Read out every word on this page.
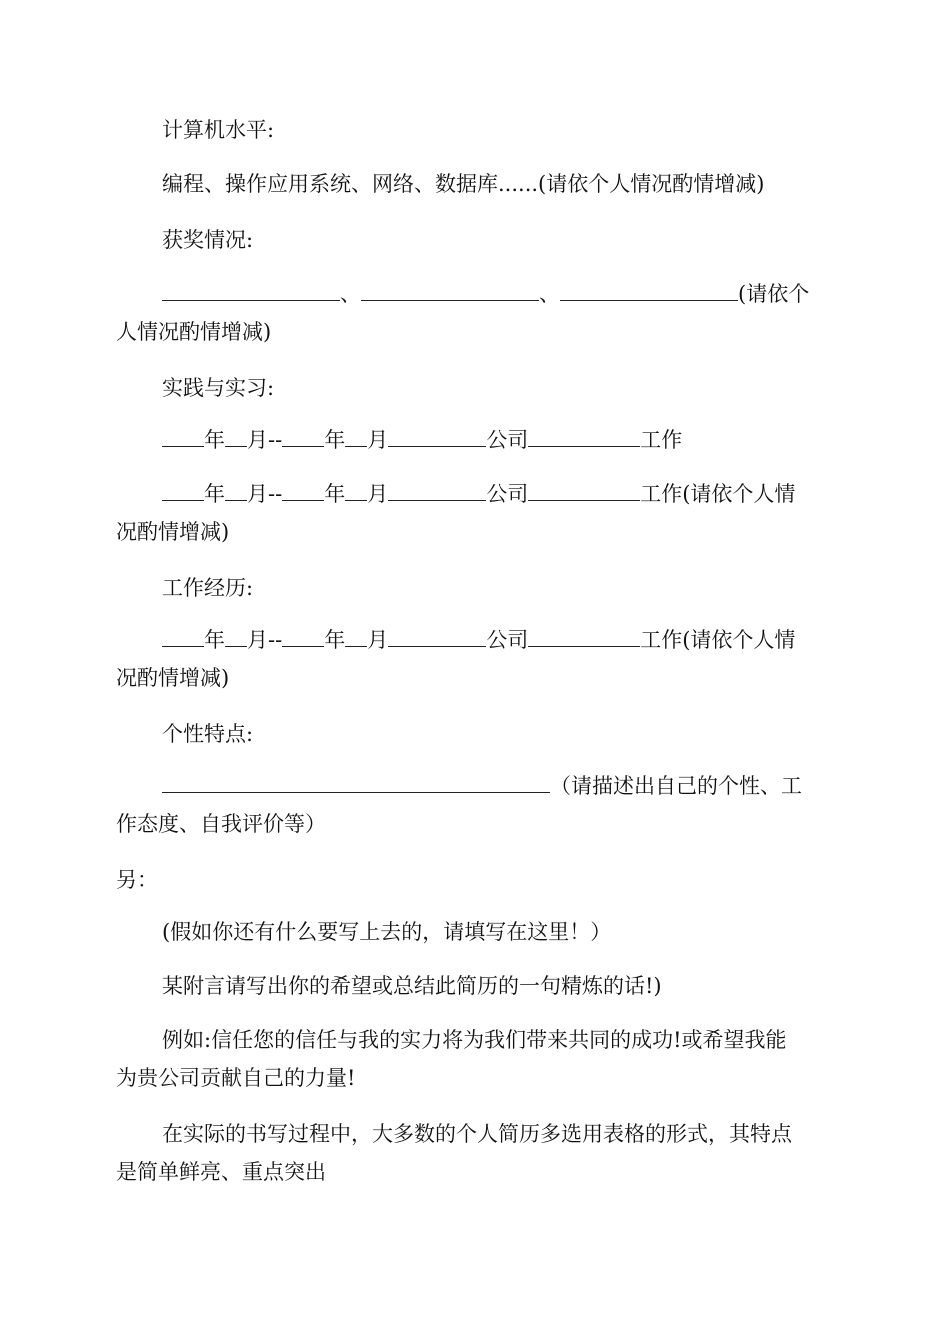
计算机水平:
编程、操作应用系统、网络、数据库......(请依个人情况酌情增减)
获奖情况:
、	、	(请依个
人情况酌情增减)
实践与实习:
年 月-- 年 月	公司	工作
年 月-- 年 月	公司	工作(请依个人情
况酌情增减)
工作经历:
年 月-- 年 月	公司	工作(请依个人情
况酌情增减)
个性特点:
（请描述出自己的个性、工
作态度、自我评价等）
另：
(假如你还有什么要写上去的，请填写在这里！）
某附言请写出你的希望或总结此简历的一句精炼的话!)
例如:信任您的信任与我的实力将为我们带来共同的成功!或希望我能
为贵公司贡献自己的力量!
在实际的书写过程中，大多数的个人简历多选用表格的形式，其特点
是简单鲜亮、重点突出
